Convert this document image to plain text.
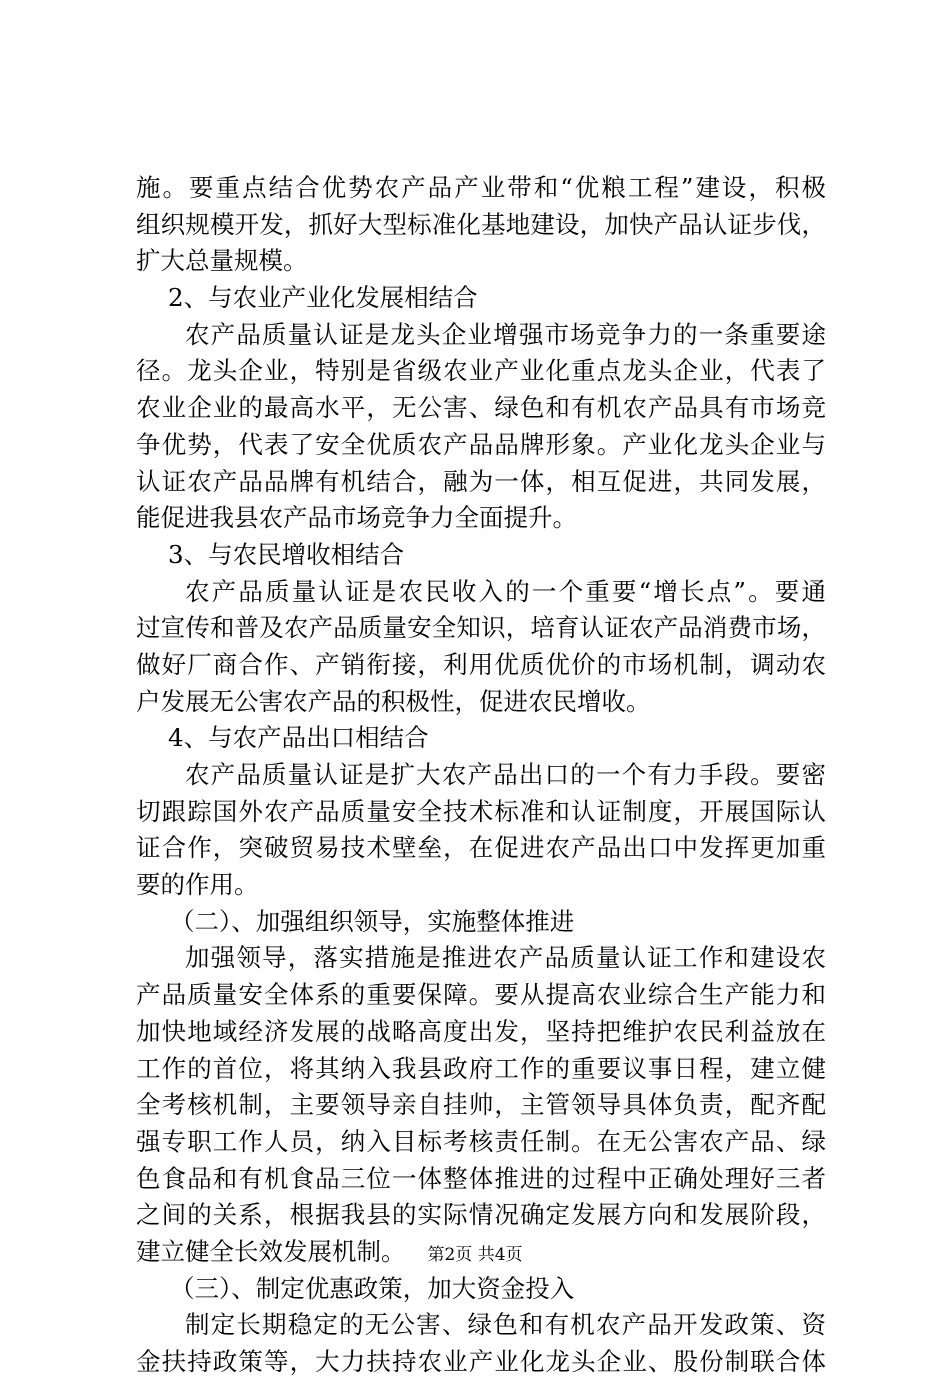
施。要重点结合优势农产品产业带和“优粮工程”建设，积极
组织规模开发，抓好大型标准化基地建设，加快产品认证步伐，
扩大总量规模。
2、与农业产业化发展相结合
农产品质量认证是龙头企业增强市场竞争力的一条重要途
径。龙头企业，特别是省级农业产业化重点龙头企业，代表了
农业企业的最高水平，无公害、绿色和有机农产品具有市场竞
争优势，代表了安全优质农产品品牌形象。产业化龙头企业与
认证农产品品牌有机结合，融为一体，相互促进，共同发展，
能促进我县农产品市场竞争力全面提升。
3、与农民增收相结合
农产品质量认证是农民收入的一个重要“增长点”。要通
过宣传和普及农产品质量安全知识，培育认证农产品消费市场，
做好厂商合作、产销衔接，利用优质优价的市场机制，调动农
户发展无公害农产品的积极性，促进农民增收。
4、与农产品出口相结合
农产品质量认证是扩大农产品出口的一个有力手段。要密
切跟踪国外农产品质量安全技术标准和认证制度，开展国际认
证合作，突破贸易技术壁垒，在促进农产品出口中发挥更加重
要的作用。
（二）、加强组织领导，实施整体推进
加强领导，落实措施是推进农产品质量认证工作和建设农
产品质量安全体系的重要保障。要从提高农业综合生产能力和
加快地域经济发展的战略高度出发，坚持把维护农民利益放在
工作的首位，将其纳入我县政府工作的重要议事日程，建立健
全考核机制，主要领导亲自挂帅，主管领导具体负责，配齐配
强专职工作人员，纳入目标考核责任制。在无公害农产品、绿
色食品和有机食品三位一体整体推进的过程中正确处理好三者
之间的关系，根据我县的实际情况确定发展方向和发展阶段，
建立健全长效发展机制。
（三）、制定优惠政策，加大资金投入
制定长期稳定的无公害、绿色和有机农产品开发政策、资
金扶持政策等，大力扶持农业产业化龙头企业、股份制联合体
第2页 共4页
